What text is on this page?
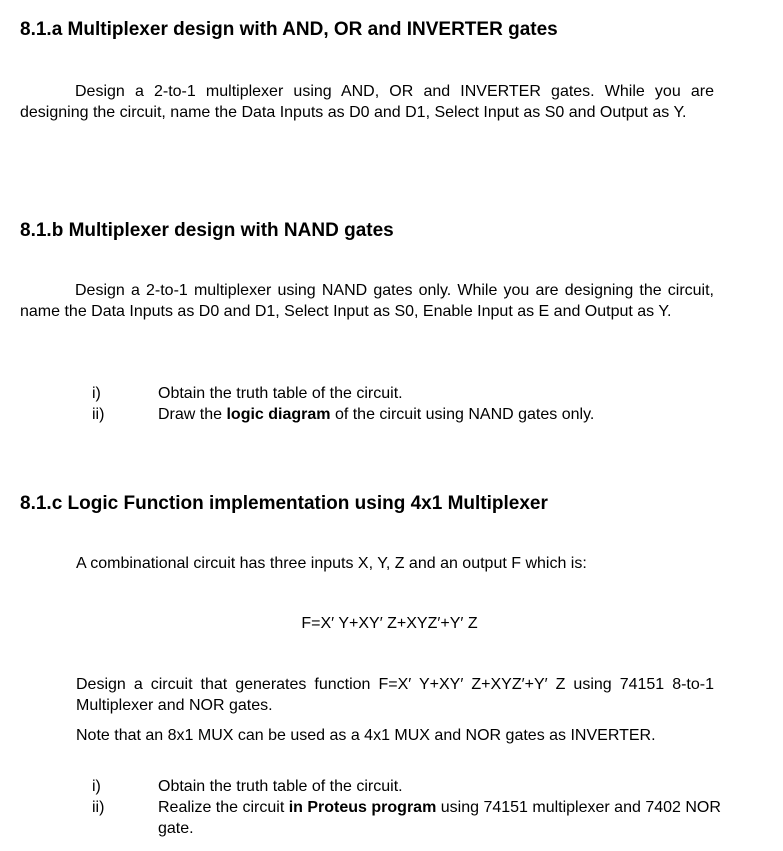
8.1.a Multiplexer design with AND, OR and INVERTER gates

Design a 2-to-1 multiplexer using AND, OR and INVERTER gates. While you are designing the circuit, name the Data Inputs as D0 and D1, Select Input as S0 and Output as Y.

8.1.b Multiplexer design with NAND gates

Design a 2-to-1 multiplexer using NAND gates only. While you are designing the circuit, name the Data Inputs as D0 and D1, Select Input as S0, Enable Input as E and Output as Y.

i)	Obtain the truth table of the circuit.
ii)	Draw the logic diagram of the circuit using NAND gates only.
8.1.c Logic Function implementation using 4x1 Multiplexer

A combinational circuit has three inputs X, Y, Z and an output F which is:

F=X′ Y+XY′ Z+XYZ′+Y′ Z

Design a circuit that generates function F=X′ Y+XY′ Z+XYZ′+Y′ Z using 74151 8-to-1 Multiplexer and NOR gates.

Note that an 8x1 MUX can be used as a 4x1 MUX and NOR gates as INVERTER.

i)	Obtain the truth table of the circuit.
ii)	Realize the circuit in Proteus program using 74151 multiplexer and 7402 NOR gate.
